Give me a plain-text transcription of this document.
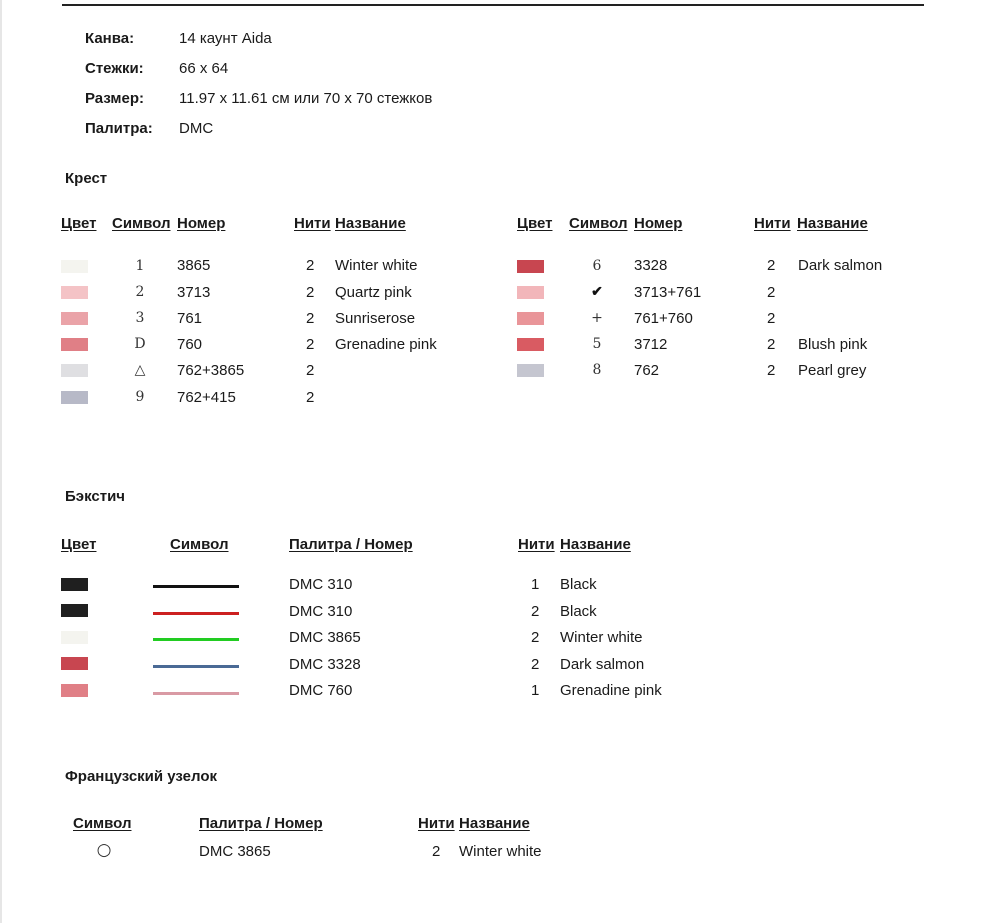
Канва:	14 каунт Aida
Стежки: 66 x 64
Размер: 11.97 x 11.61 см или 70 x 70 стежков
Палитра: DMC
Крест
Цвет Символ Номер	Нити Название	Цвет Символ Номер	Нити Название
1	3865	2 Winter white
2	3713	2 Quartz pink
3	761	2 Sunriserose
D	760	2 Grenadine pink
△	762+3865	2
9	762+415	2
6	3328	2 Dark salmon
✔	3713+761	2
+	761+760	2
5	3712	2 Blush pink
8	762	2 Pearl grey
Бэкстич
Цвет	Символ	Палитра / Номер	Нити Название
DMC 310	1 Black
DMC 310	2 Black
DMC 3865	2 Winter white
DMC 3328	2 Dark salmon
DMC 760	1 Grenadine pink
Французский узелок
Символ	Палитра / Номер	Нити Название
○	DMC 3865	2 Winter white
